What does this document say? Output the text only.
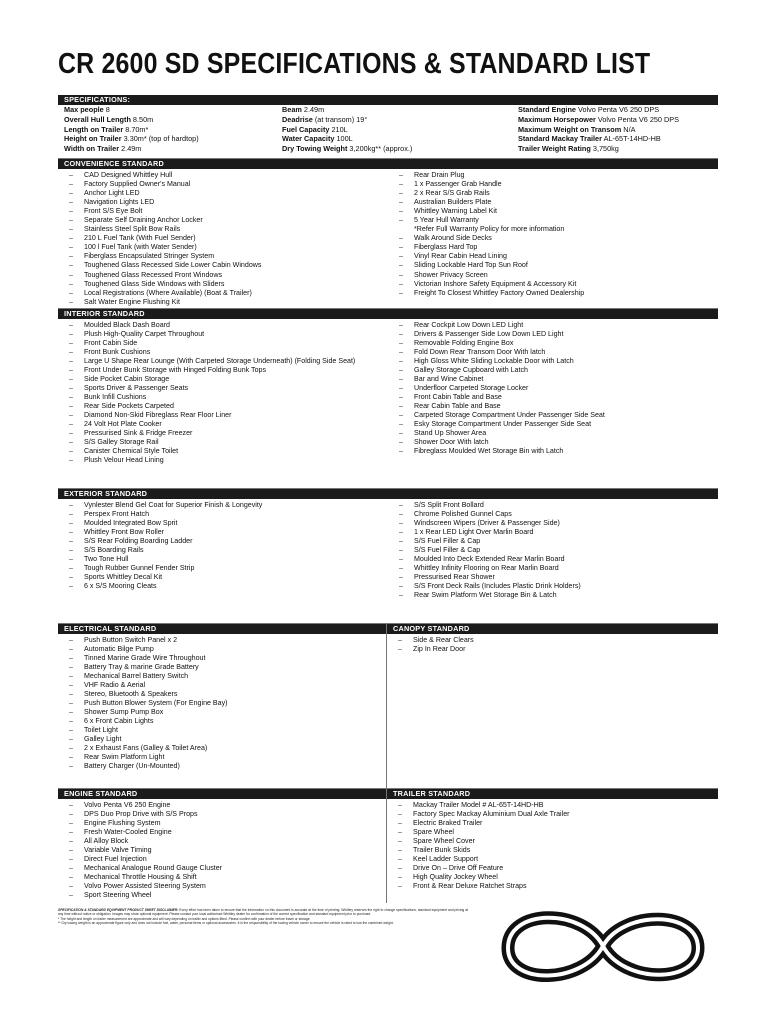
CR 2600 SD SPECIFICATIONS & STANDARD LIST
SPECIFICATIONS:
Max people 8
Overall Hull Length 8.50m
Length on Trailer 8.70m*
Height on Trailer 3.30m* (top of hardtop)
Width on Trailer 2.49m
Beam 2.49m
Deadrise (at transom) 19°
Fuel Capacity 210L
Water Capacity 100L
Dry Towing Weight 3,200kg** (approx.)
Standard Engine Volvo Penta V6 250 DPS
Maximum Horsepower Volvo Penta V6 250 DPS
Maximum Weight on Transom N/A
Standard Mackay Trailer AL-65T-14HD-HB
Trailer Weight Rating 3,750kg
CONVENIENCE STANDARD
–	CAD Designed Whittley Hull
–	Factory Supplied Owner's Manual
–	Anchor Light LED
–	Navigation Lights LED
–	Front S/S Eye Bolt
–	Separate Self Draining Anchor Locker
–	Stainless Steel Split Bow Rails
–	210 L Fuel Tank (With Fuel Sender)
–	100 l Fuel Tank (with Water Sender)
–	Fiberglass Encapsulated Stringer System
–	Toughened Glass Recessed Side Lower Cabin Windows
–	Toughened Glass Recessed Front Windows
–	Toughened Glass Side Windows with Sliders
–	Local Registrations (Where Available) (Boat & Trailer)
–	Salt Water Engine Flushing Kit
–	Rear Drain Plug
–	1 x Passenger Grab Handle
–	2 x Rear S/S Grab Rails
–	Australian Builders Plate
–	Whittley Warning Label Kit
–	5 Year Hull Warranty
*Refer Full Warranty Policy for more information
–	Walk Around Side Decks
–	Fiberglass Hard Top
–	Vinyl Rear Cabin Head Lining
–	Sliding Lockable Hard Top Sun Roof
–	Shower Privacy Screen
–	Victorian Inshore Safety Equipment & Accessory Kit
–	Freight To Closest Whittley Factory Owned Dealership
INTERIOR STANDARD
–	Moulded Black Dash Board
–	Plush High-Quality Carpet Throughout
–	Front Cabin Side
–	Front Bunk Cushions
–	Large U Shape Rear Lounge (With Carpeted Storage Underneath) (Folding Side Seat)
–	Front Under Bunk Storage with Hinged Folding Bunk Tops
–	Side Pocket Cabin Storage
–	Sports Driver & Passenger Seats
–	Bunk Infill Cushions
–	Rear Side Pockets Carpeted
–	Diamond Non-Skid Fibreglass Rear Floor Liner
–	24 Volt Hot Plate Cooker
–	Pressurised Sink & Fridge Freezer
–	S/S Galley Storage Rail
–	Canister Chemical Style Toilet
–	Plush Velour Head Lining
–	Rear Cockpit Low Down LED Light
–	Drivers & Passenger Side Low Down LED Light
–	Removable Folding Engine Box
–	Fold Down Rear Transom Door With latch
–	High Gloss White Sliding Lockable Door with Latch
–	Galley Storage Cupboard with Latch
–	Bar and Wine Cabinet
–	Underfloor Carpeted Storage Locker
–	Front Cabin Table and Base
–	Rear Cabin Table and Base
–	Carpeted Storage Compartment Under Passenger Side Seat
–	Esky Storage Compartment Under Passenger Side Seat
–	Stand Up Shower Area
–	Shower Door With latch
–	Fibreglass Moulded Wet Storage Bin with Latch
EXTERIOR STANDARD
–	Vynlester Blend Gel Coat for Superior Finish & Longevity
–	Perspex Front Hatch
–	Moulded Integrated Bow Sprit
–	Whittley Front Bow Roller
–	S/S Rear Folding Boarding Ladder
–	S/S Boarding Rails
–	Two Tone Hull
–	Tough Rubber Gunnel Fender Strip
–	Sports Whittley Decal Kit
–	6 x S/S Mooring Cleats
–	S/S Split Front Bollard
–	Chrome Polished Gunnel Caps
–	Windscreen Wipers (Driver & Passenger Side)
–	1 x Rear LED Light Over Marlin Board
–	S/S Fuel Filler & Cap
–	S/S Fuel Filler & Cap
–	Moulded Into Deck Extended Rear Marlin Board
–	Whittley Infinity Flooring on Rear Marlin Board
–	Pressurised Rear Shower
–	S/S Front Deck Rails (Includes Plastic Drink Holders)
–	Rear Swim Platform Wet Storage Bin & Latch
ELECTRICAL STANDARD
–	Push Button Switch Panel x 2
–	Automatic Bilge Pump
–	Tinned Marine Grade Wire Throughout
–	Battery Tray & marine Grade Battery
–	Mechanical Barrel Battery Switch
–	VHF Radio & Aerial
–	Stereo, Bluetooth & Speakers
–	Push Button Blower System (For Engine Bay)
–	Shower Sump Pump Box
–	6 x Front Cabin Lights
–	Toilet Light
–	Galley Light
–	2 x Exhaust Fans (Galley & Toilet Area)
–	Rear Swim Platform Light
–	Battery Charger (Un-Mounted)
CANOPY STANDARD
–	Side & Rear Clears
–	Zip In Rear Door
ENGINE STANDARD
–	Volvo Penta V6 250 Engine
–	DPS Duo Prop Drive with S/S Props
–	Engine Flushing System
–	Fresh Water-Cooled Engine
–	All Alloy Block
–	Variable Valve Timing
–	Direct Fuel Injection
–	Mechanical Analogue Round Gauge Cluster
–	Mechanical Throttle Housing & Shift
–	Volvo Power Assisted Steering System
–	Sport Steering Wheel
TRAILER STANDARD
–	Mackay Trailer Model # AL-65T-14HD-HB
–	Factory Spec Mackay Aluminium Dual Axle Trailer
–	Electric Braked Trailer
–	Spare Wheel
–	Spare Wheel Cover
–	Trailer Bunk Skids
–	Keel Ladder Support
–	Drive On – Drive Off Feature
–	High Quality Jockey Wheel
–	Front & Rear Deluxe Ratchet Straps
SPECIFICATION & STANDARD EQUIPMENT PRODUCT SHEET DISCLAIMER: Every effort has been taken to ensure that the information on this document is accurate at the time of printing. Whittley reserves the right to change specifications, standard equipment and pricing at any time without notice or obligation. Images may show optional equipment. Please contact your local authorised Whittley dealer for confirmation of the current specification and standard equipment prior to purchase.
* The height and length on trailer measurement are approximate and will vary depending on trailer and options fitted. Please confirm with your dealer before travel or storage.
** Dry towing weight is an approximate figure only and does not include fuel, water, personal items or optional accessories. It is the responsibility of the towing vehicle owner to ensure the vehicle is rated to tow the combined weight.
